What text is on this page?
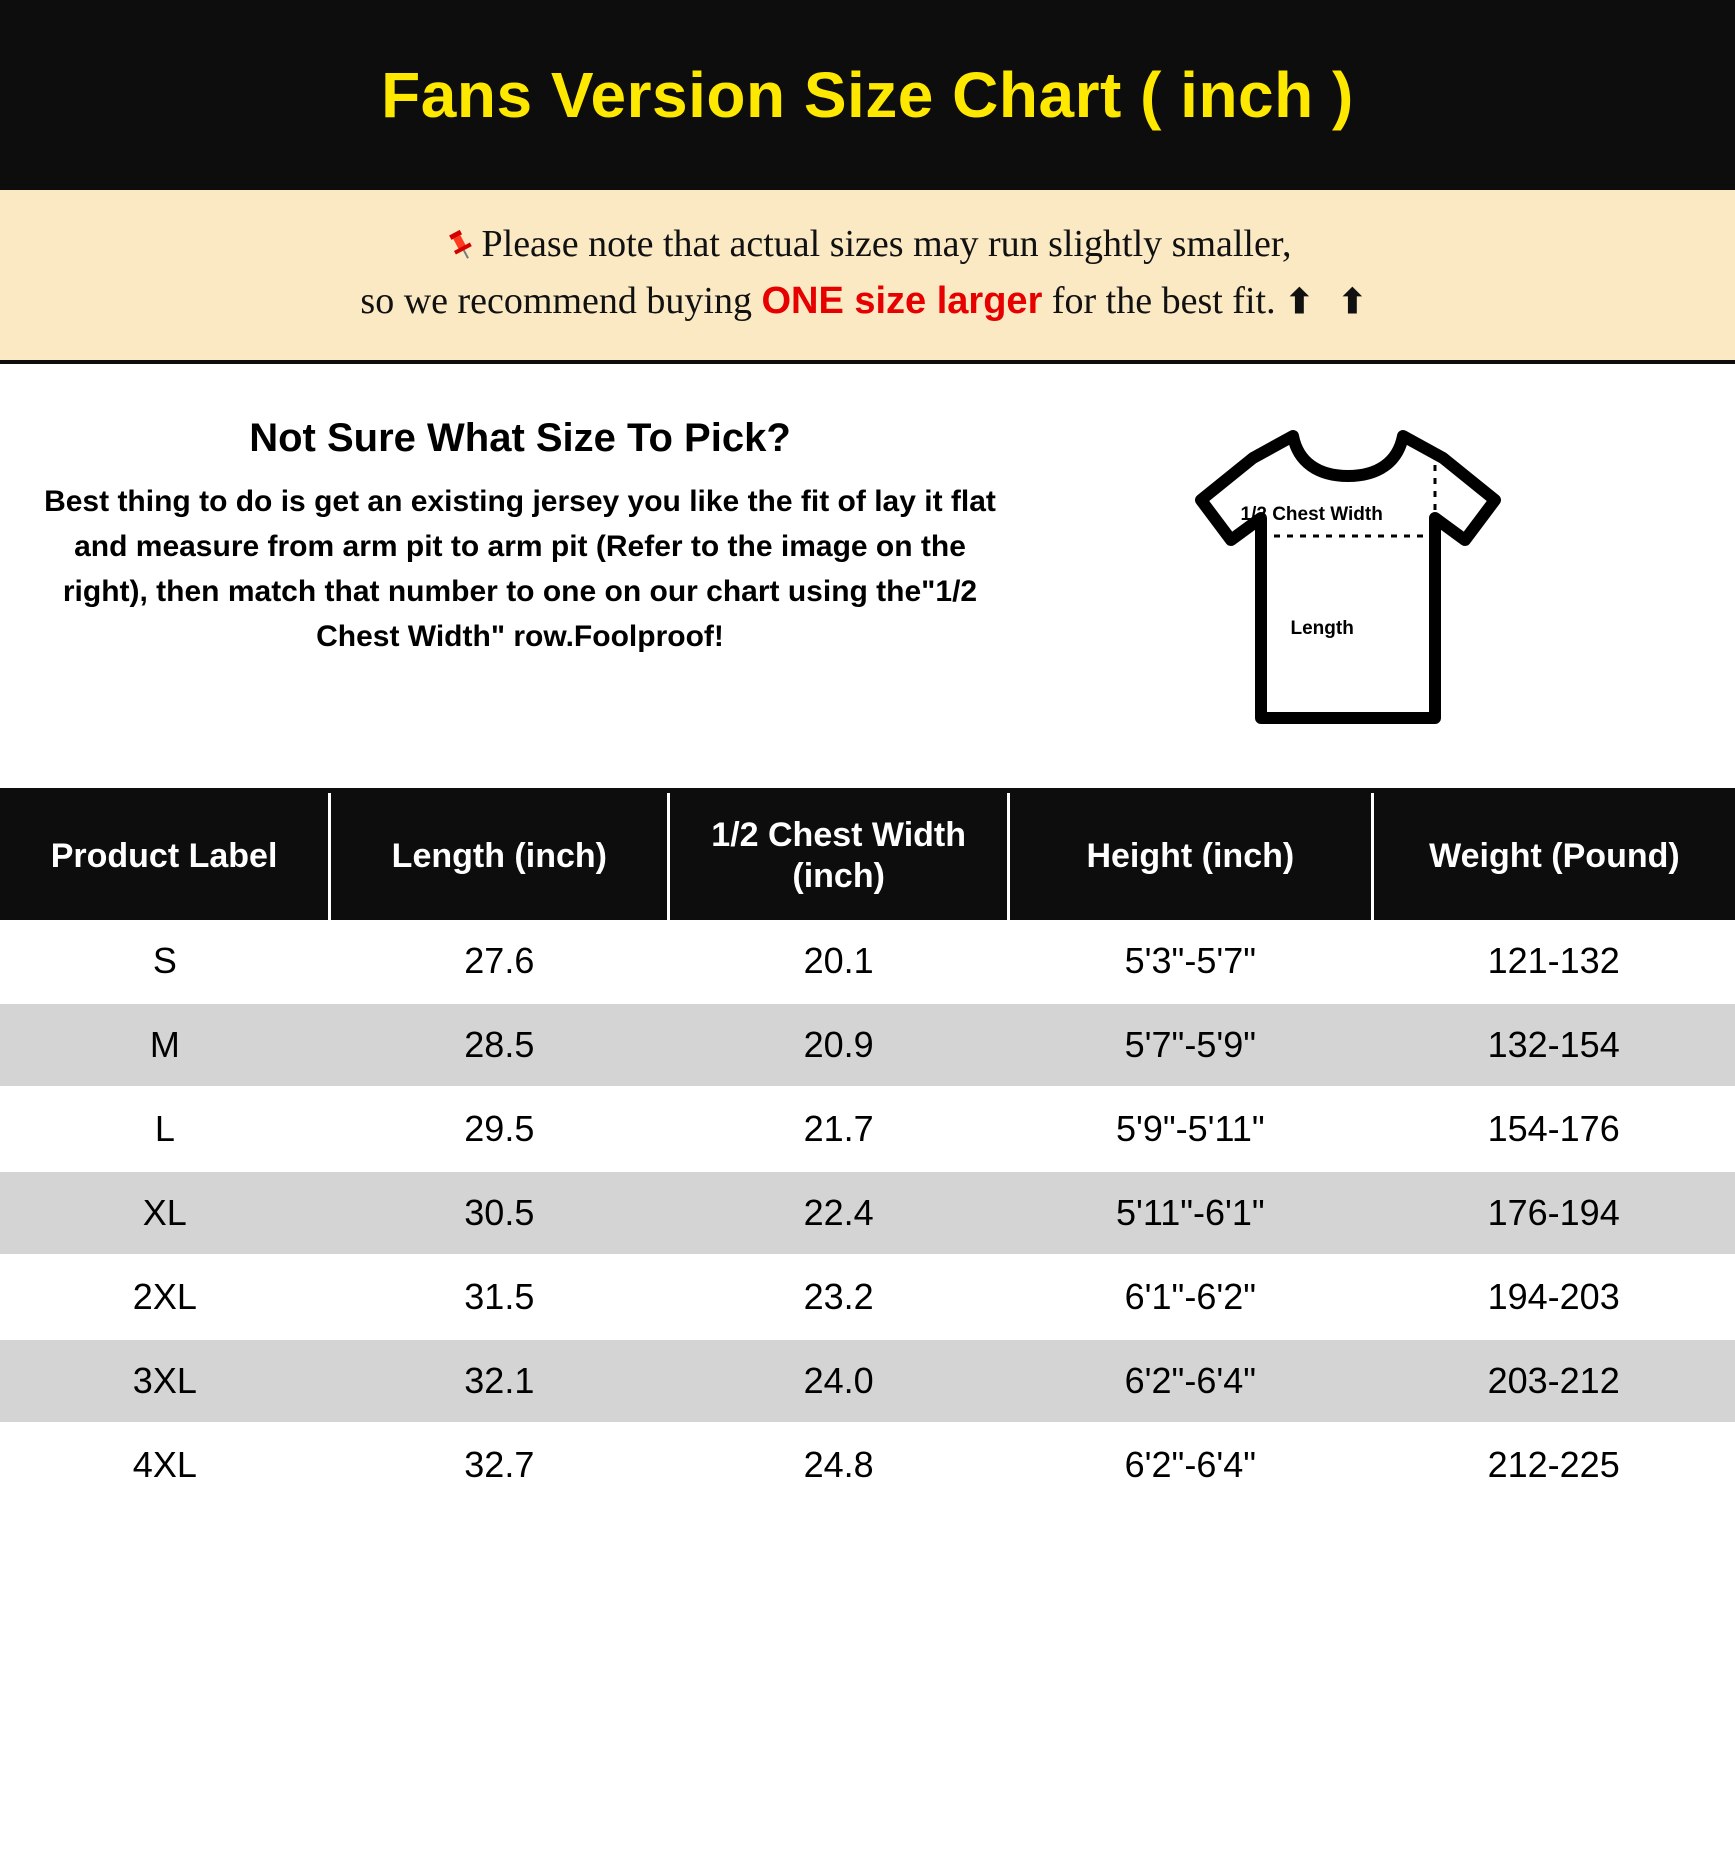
Fans Version Size Chart ( inch )
Please note that actual sizes may run slightly smaller,
so we recommend buying ONE size larger for the best fit. ⬆ ⬆
Not Sure What Size To Pick?
Best thing to do is get an existing jersey you like the fit of lay it flat and measure from arm pit to arm pit (Refer to the image on the right), then match that number to one on our chart using the"1/2 Chest Width" row.Foolproof!
1/2 Chest Width
Length
Product Label	Length (inch)	1/2 Chest Width (inch)	Height (inch)	Weight (Pound)
S	27.6	20.1	5'3"-5'7"	121-132
M	28.5	20.9	5'7"-5'9"	132-154
L	29.5	21.7	5'9"-5'11"	154-176
XL	30.5	22.4	5'11"-6'1"	176-194
2XL	31.5	23.2	6'1"-6'2"	194-203
3XL	32.1	24.0	6'2"-6'4"	203-212
4XL	32.7	24.8	6'2"-6'4"	212-225
